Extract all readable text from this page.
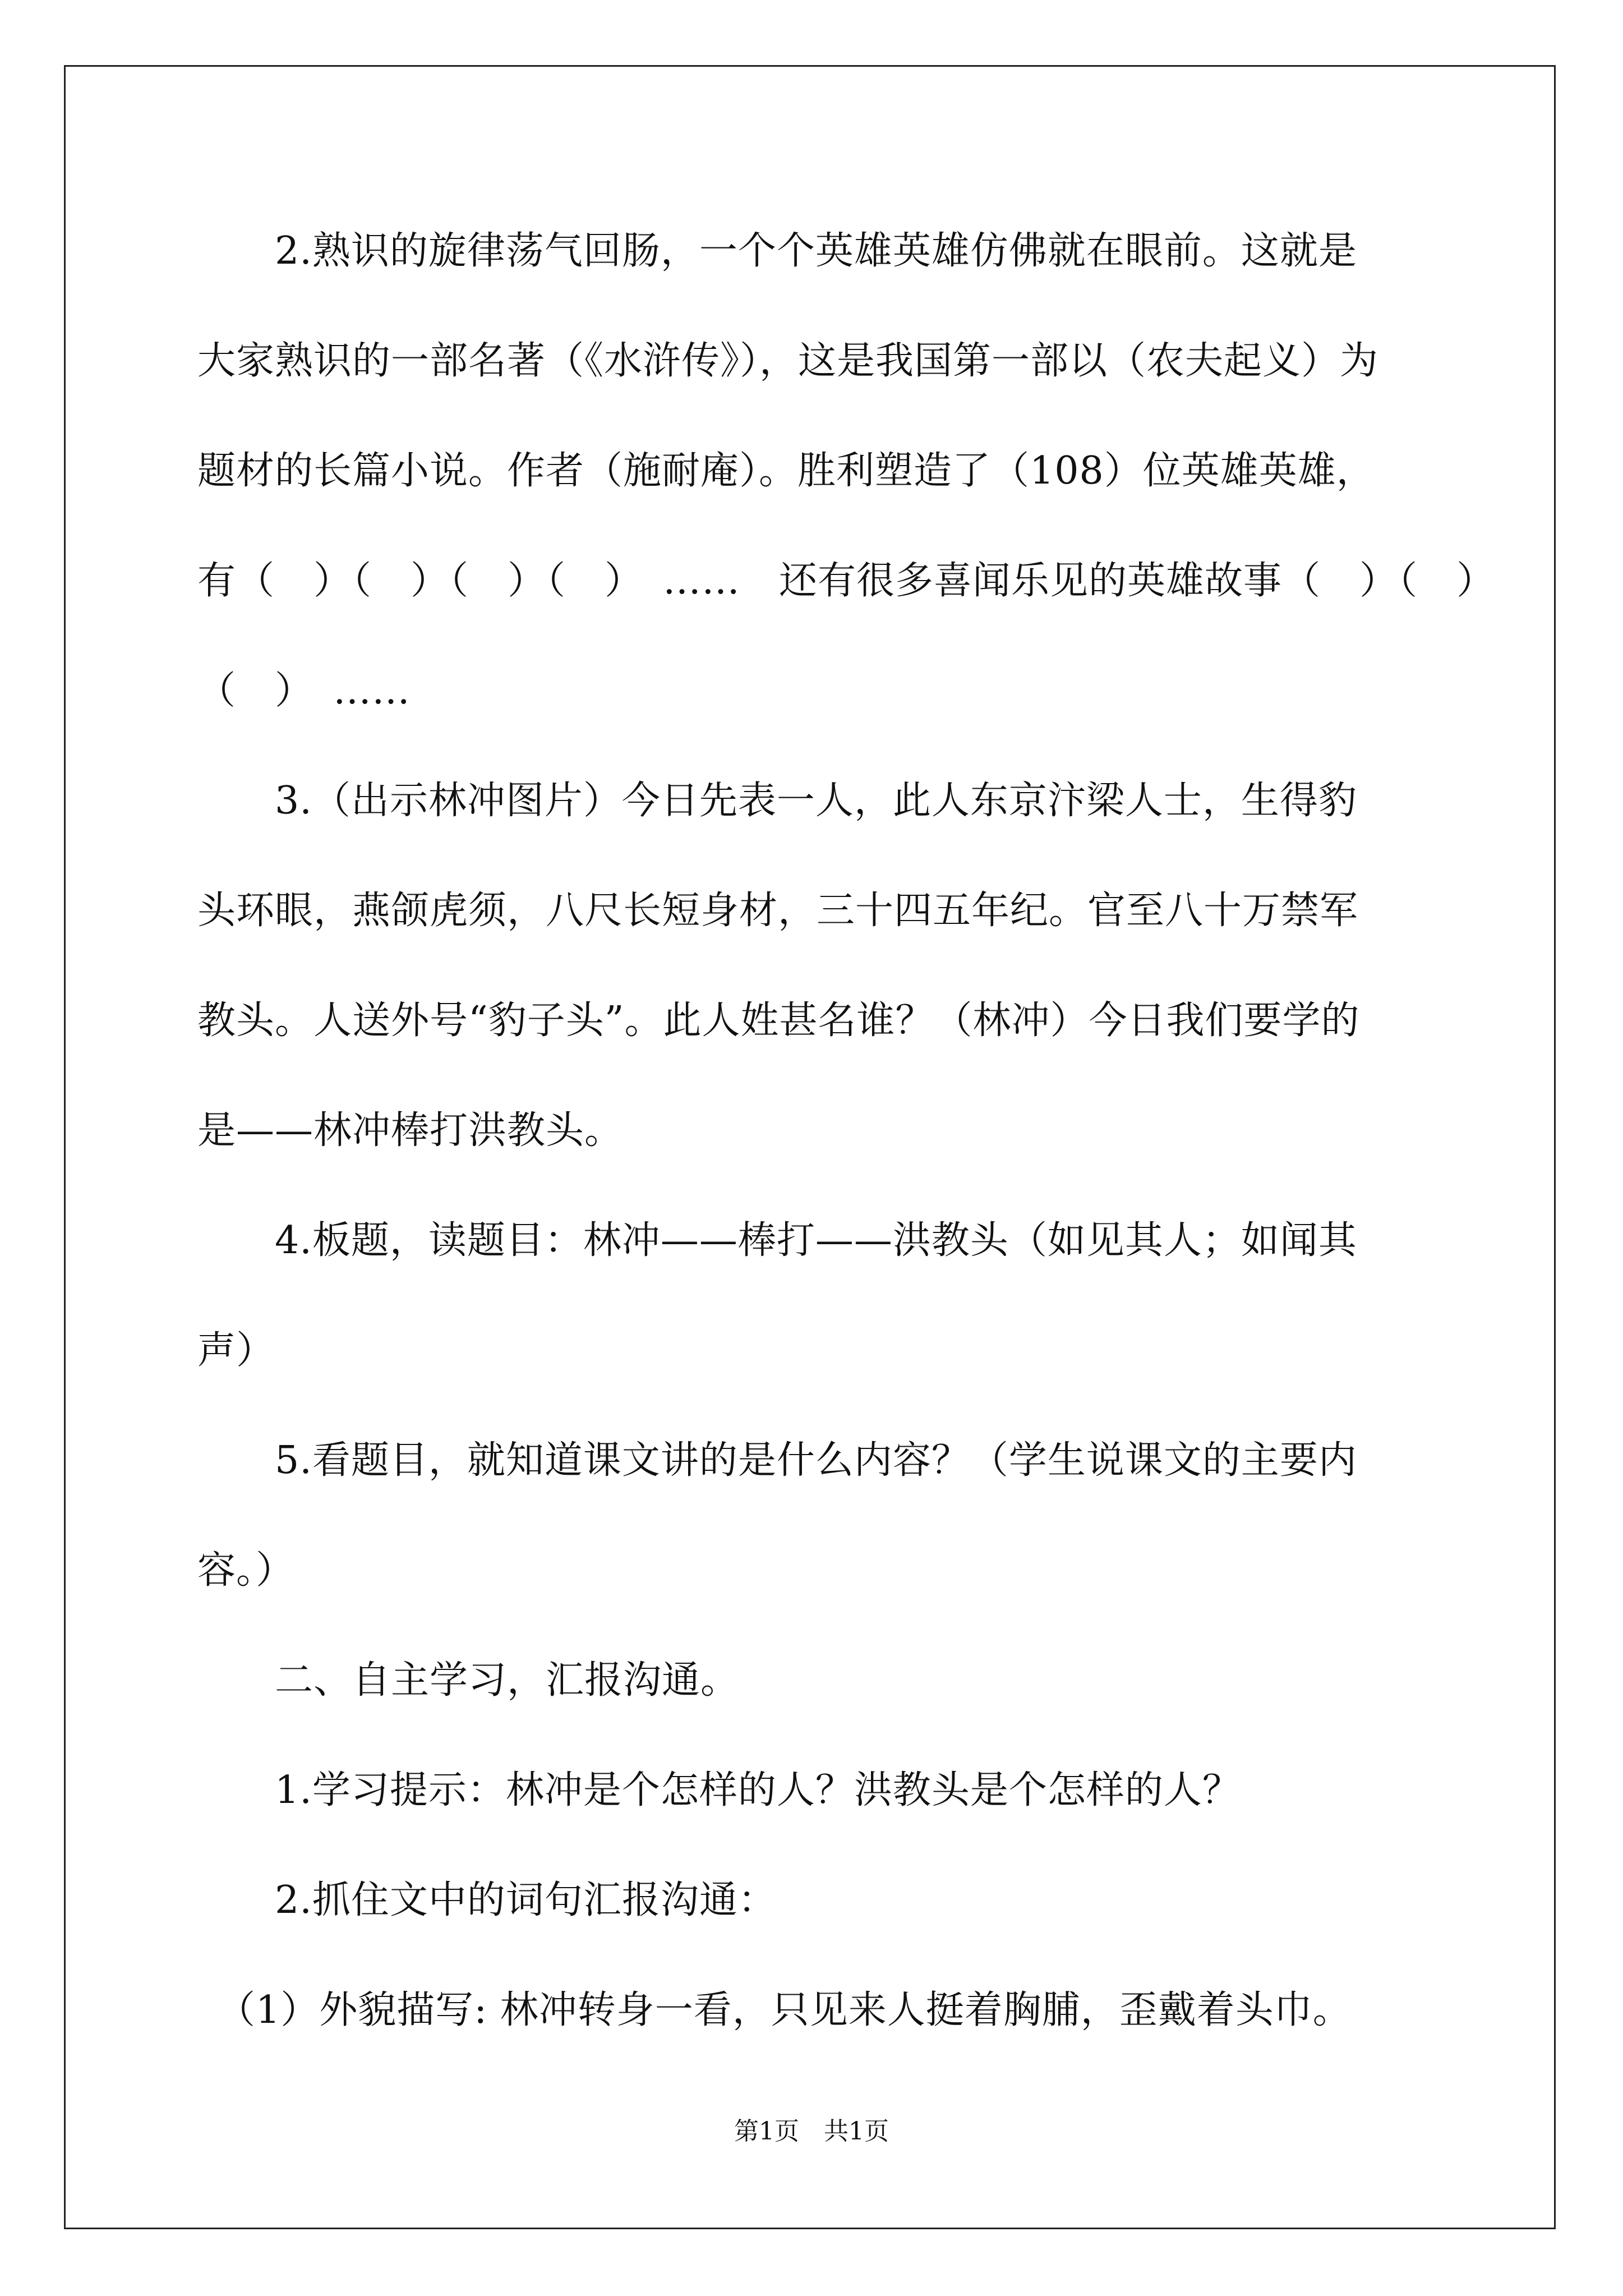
　　2.熟识的旋律荡气回肠，一个个英雄英雄仿佛就在眼前。这就是
大家熟识的一部名著（《水浒传》），这是我国第一部以（农夫起义）为
题材的长篇小说。作者（施耐庵）。胜利塑造了（108）位英雄英雄，
有（　）（　）（　）（　）　……　还有很多喜闻乐见的英雄故事（　）（　）
（　）　……
　　3.（出示林冲图片）今日先表一人，此人东京汴梁人士，生得豹
头环眼，燕颌虎须，八尺长短身材，三十四五年纪。官至八十万禁军
教头。人送外号“豹子头”。此人姓甚名谁？（林冲）今日我们要学的
是——林冲棒打洪教头。
　　4.板题，读题目：林冲——棒打——洪教头（如见其人；如闻其
声）
　　5.看题目，就知道课文讲的是什么内容？（学生说课文的主要内
容。）
　　二、自主学习，汇报沟通。
　　1.学习提示：林冲是个怎样的人？洪教头是个怎样的人？
　　2.抓住文中的词句汇报沟通：
　（1）外貌描写: 林冲转身一看，只见来人挺着胸脯，歪戴着头巾。
第1页　共1页
